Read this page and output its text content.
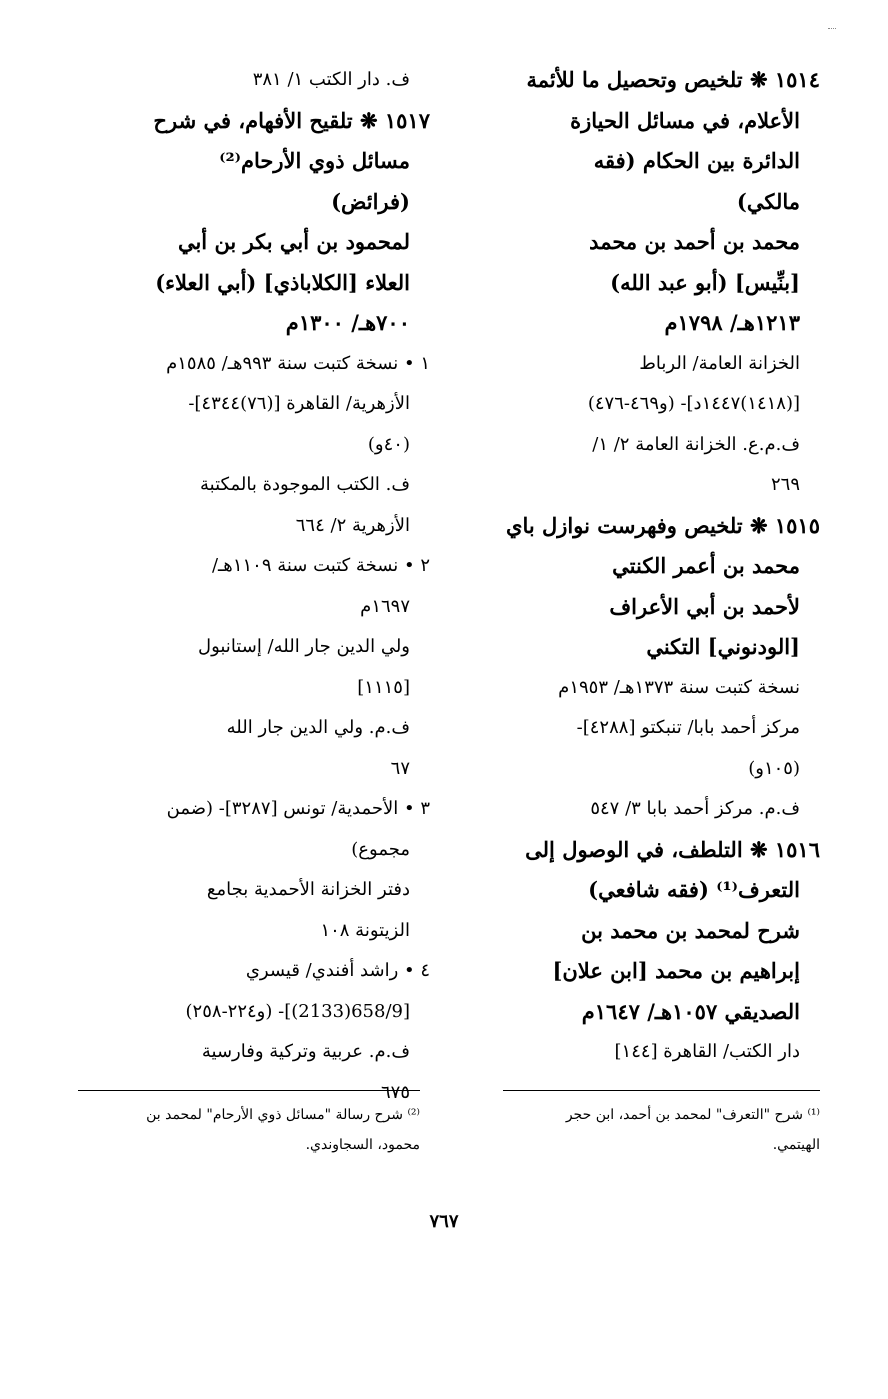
١٥١٤ ❋ تلخيص وتحصيل ما للأئمة
الأعلام، في مسائل الحيازة
الدائرة بين الحكام (فقه
مالكي)
محمد بن أحمد بن محمد
[بنِّيس] (أبو عبد الله)
١٢١٣هـ/ ١٧٩٨م
الخزانة العامة/ الرباط
[(١٤١٨)١٤٤٧د]- (و٤٦٩-٤٧٦)
ف.م.ع. الخزانة العامة ٢/ ١/
٢٦٩
١٥١٥ ❋ تلخيص وفهرست نوازل باي
محمد بن أعمر الكنتي
لأحمد بن أبي الأعراف
[الودنوني] التكني
نسخة كتبت سنة ١٣٧٣هـ/ ١٩٥٣م
مركز أحمد بابا/ تنبكتو [٤٢٨٨]-
(١٠٥و)
ف.م. مركز أحمد بابا ٣/ ٥٤٧
١٥١٦ ❋ التلطف، في الوصول إلى
التعرف⁽¹⁾ (فقه شافعي)
شرح لمحمد بن محمد بن
إبراهيم بن محمد [ابن علان]
الصديقي ١٠٥٧هـ/ ١٦٤٧م
دار الكتب/ القاهرة [١٤٤]
ف. دار الكتب ١/ ٣٨١
١٥١٧ ❋ تلقيح الأفهام، في شرح
مسائل ذوي الأرحام⁽²⁾
(فرائض)
لمحمود بن أبي بكر بن أبي
العلاء [الكلاباذي] (أبي العلاء)
٧٠٠هـ/ ١٣٠٠م
١ • نسخة كتبت سنة ٩٩٣هـ/ ١٥٨٥م
الأزهرية/ القاهرة [(٧٦)٤٣٤٤]-
(٤٠و)
ف. الكتب الموجودة بالمكتبة
الأزهرية ٢/ ٦٦٤
٢ • نسخة كتبت سنة ١١٠٩هـ/
١٦٩٧م
ولي الدين جار الله/ إستانبول
[١١١٥]
ف.م. ولي الدين جار الله
٦٧
٣ • الأحمدية/ تونس [٣٢٨٧]- (ضمن
مجموع)
دفتر الخزانة الأحمدية بجامع
الزيتونة ١٠٨
٤ • راشد أفندي/ قيسري
[658/9(2133)]- (و٢٢٤-٢٥٨)
ف.م. عربية وتركية وفارسية
٦٧٥
⁽¹⁾ شرح "التعرف" لمحمد بن أحمد، ابن حجر
الهيتمي.
⁽²⁾ شرح رسالة "مسائل ذوي الأرحام" لمحمد بن
محمود، السجاوندي.
٧٦٧
